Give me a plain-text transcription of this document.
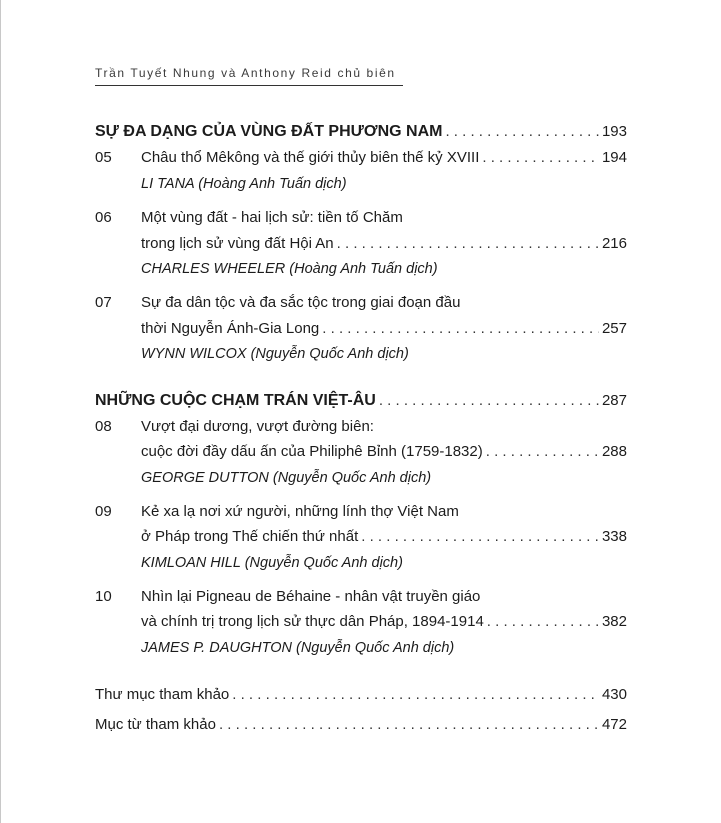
Trần Tuyết Nhung và Anthony Reid chủ biên
SỰ ĐA DẠNG CỦA VÙNG ĐẤT PHƯƠNG NAM . . .	193
05	Châu thổ Mêkông và thế giới thủy biên thế kỷ XVIII . . .	194
LI TANA (Hoàng Anh Tuấn dịch)
06	Một vùng đất - hai lịch sử: tiền tố Chăm
trong lịch sử vùng đất Hội An . . .	216
CHARLES WHEELER (Hoàng Anh Tuấn dịch)
07	Sự đa dân tộc và đa sắc tộc trong giai đoạn đầu
thời Nguyễn Ánh-Gia Long . . .	257
WYNN WILCOX (Nguyễn Quốc Anh dịch)
NHỮNG CUỘC CHẠM TRÁN VIỆT-ÂU . . .	287
08	Vượt đại dương, vượt đường biên:
cuộc đời đầy dấu ấn của Philiphê Bỉnh (1759-1832) . . .	288
GEORGE DUTTON (Nguyễn Quốc Anh dịch)
09	Kẻ xa lạ nơi xứ người, những lính thợ Việt Nam
ở Pháp trong Thế chiến thứ nhất . . .	338
KIMLOAN HILL (Nguyễn Quốc Anh dịch)
10	Nhìn lại Pigneau de Béhaine - nhân vật truyền giáo
và chính trị trong lịch sử thực dân Pháp, 1894-1914 . . .	382
JAMES P. DAUGHTON (Nguyễn Quốc Anh dịch)
Thư mục tham khảo . . .	430
Mục từ tham khảo . . .	472
